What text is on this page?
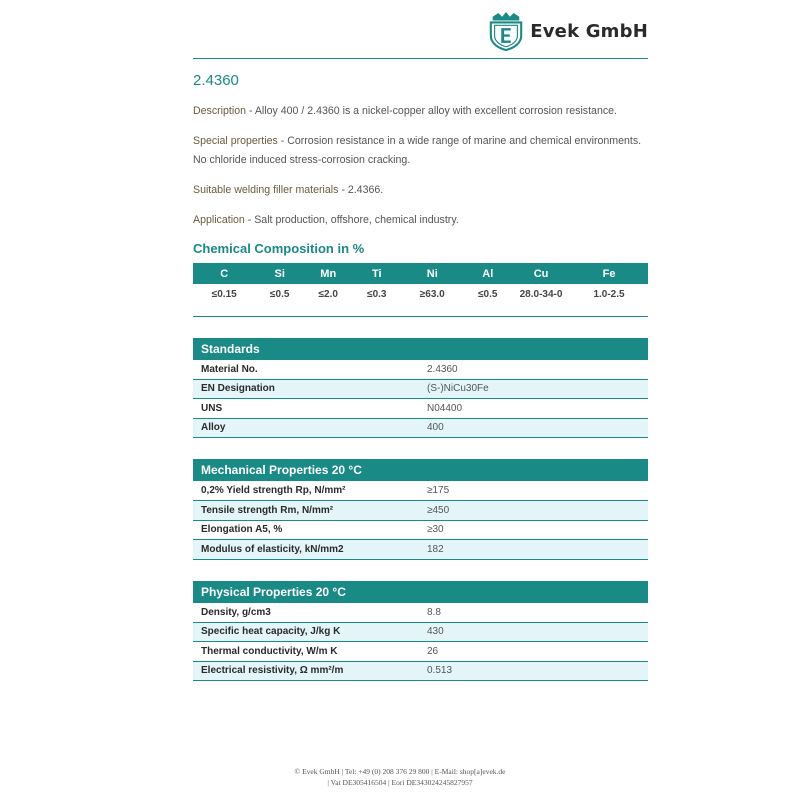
Evek GmbH
2.4360

Description - Alloy 400 / 2.4360 is a nickel-copper alloy with excellent corrosion resistance.

Special properties - Corrosion resistance in a wide range of marine and chemical environments. No chloride induced stress-corrosion cracking.

Suitable welding filler materials - 2.4366.

Application - Salt production, offshore, chemical industry.

Chemical Composition in %
C	Si	Mn	Ti	Ni	Al	Cu	Fe
≤0.15	≤0.5	≤2.0	≤0.3	≥63.0	≤0.5	28.0-34-0	1.0-2.5
Standards	
Material No.	2.4360
EN Designation	(S-)NiCu30Fe
UNS	N04400
Alloy	400
Mechanical Properties 20 °C	
0,2% Yield strength Rp, N/mm²	≥175
Tensile strength Rm, N/mm²	≥450
Elongation A5, %	≥30
Modulus of elasticity, kN/mm2	182
Physical Properties 20 °C	
Density, g/cm3	8.8
Specific heat capacity, J/kg K	430
Thermal conductivity, W/m K	26
Electrical resistivity, Ω mm²/m	0.513
© Evek GmbH | Tel: +49 (0) 208 376 29 800 | E-Mail: shop[a]evek.de
| Vat DE305416504 | Eori DE343024245827957
